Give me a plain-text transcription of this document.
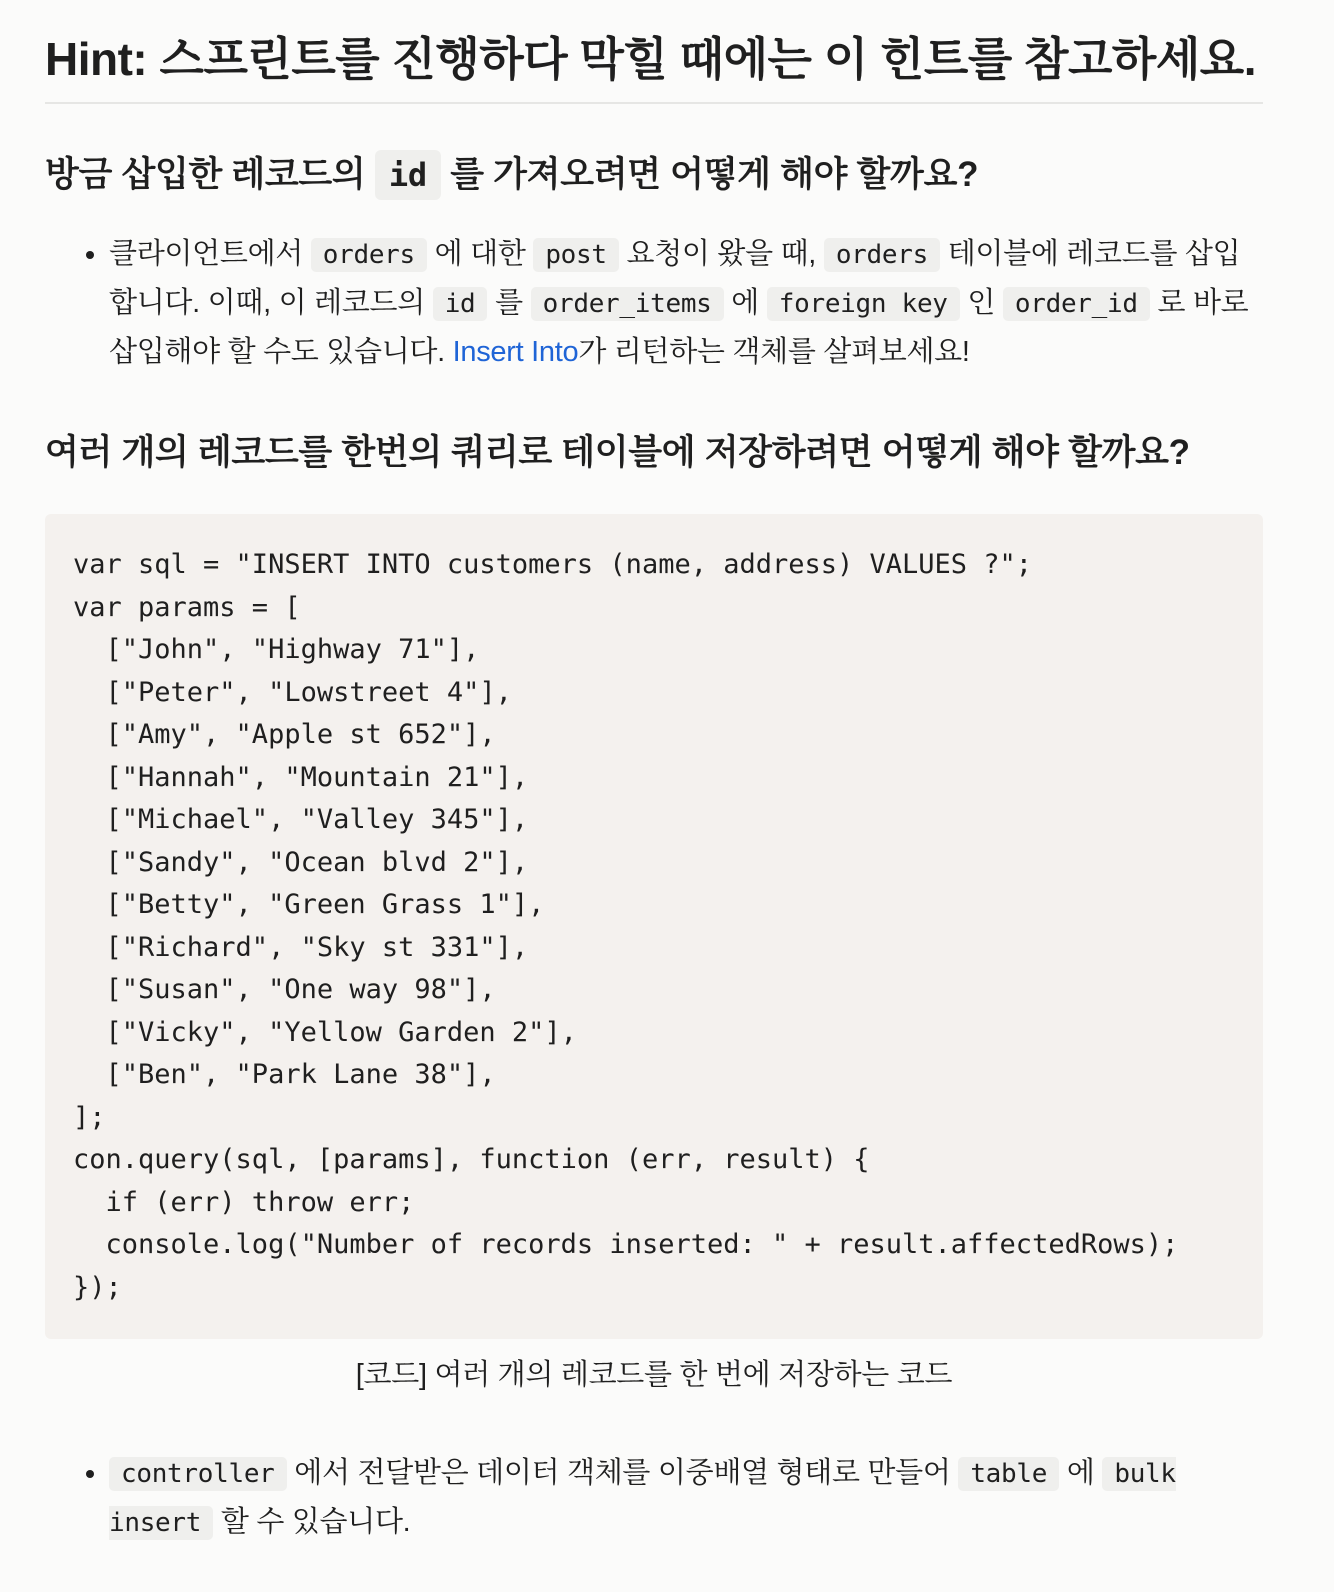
Hint: 스프린트를 진행하다 막힐 때에는 이 힌트를 참고하세요.
방금 삽입한 레코드의 id 를 가져오려면 어떻게 해야 할까요?
• 클라이언트에서 orders 에 대한 post 요청이 왔을 때, orders 테이블에 레코드를 삽입합니다. 이때, 이 레코드의 id 를 order_items 에 foreign key 인 order_id 로 바로 삽입해야 할 수도 있습니다. Insert Into가 리턴하는 객체를 살펴보세요!
여러 개의 레코드를 한번의 쿼리로 테이블에 저장하려면 어떻게 해야 할까요?
var sql = "INSERT INTO customers (name, address) VALUES ?";
var params = [
["John", "Highway 71"],
["Peter", "Lowstreet 4"],
["Amy", "Apple st 652"],
["Hannah", "Mountain 21"],
["Michael", "Valley 345"],
["Sandy", "Ocean blvd 2"],
["Betty", "Green Grass 1"],
["Richard", "Sky st 331"],
["Susan", "One way 98"],
["Vicky", "Yellow Garden 2"],
["Ben", "Park Lane 38"],
];
con.query(sql, [params], function (err, result) {
if (err) throw err;
console.log("Number of records inserted: " + result.affectedRows);
});
[코드] 여러 개의 레코드를 한 번에 저장하는 코드
• controller 에서 전달받은 데이터 객체를 이중배열 형태로 만들어 table 에 bulk insert 할 수 있습니다.
